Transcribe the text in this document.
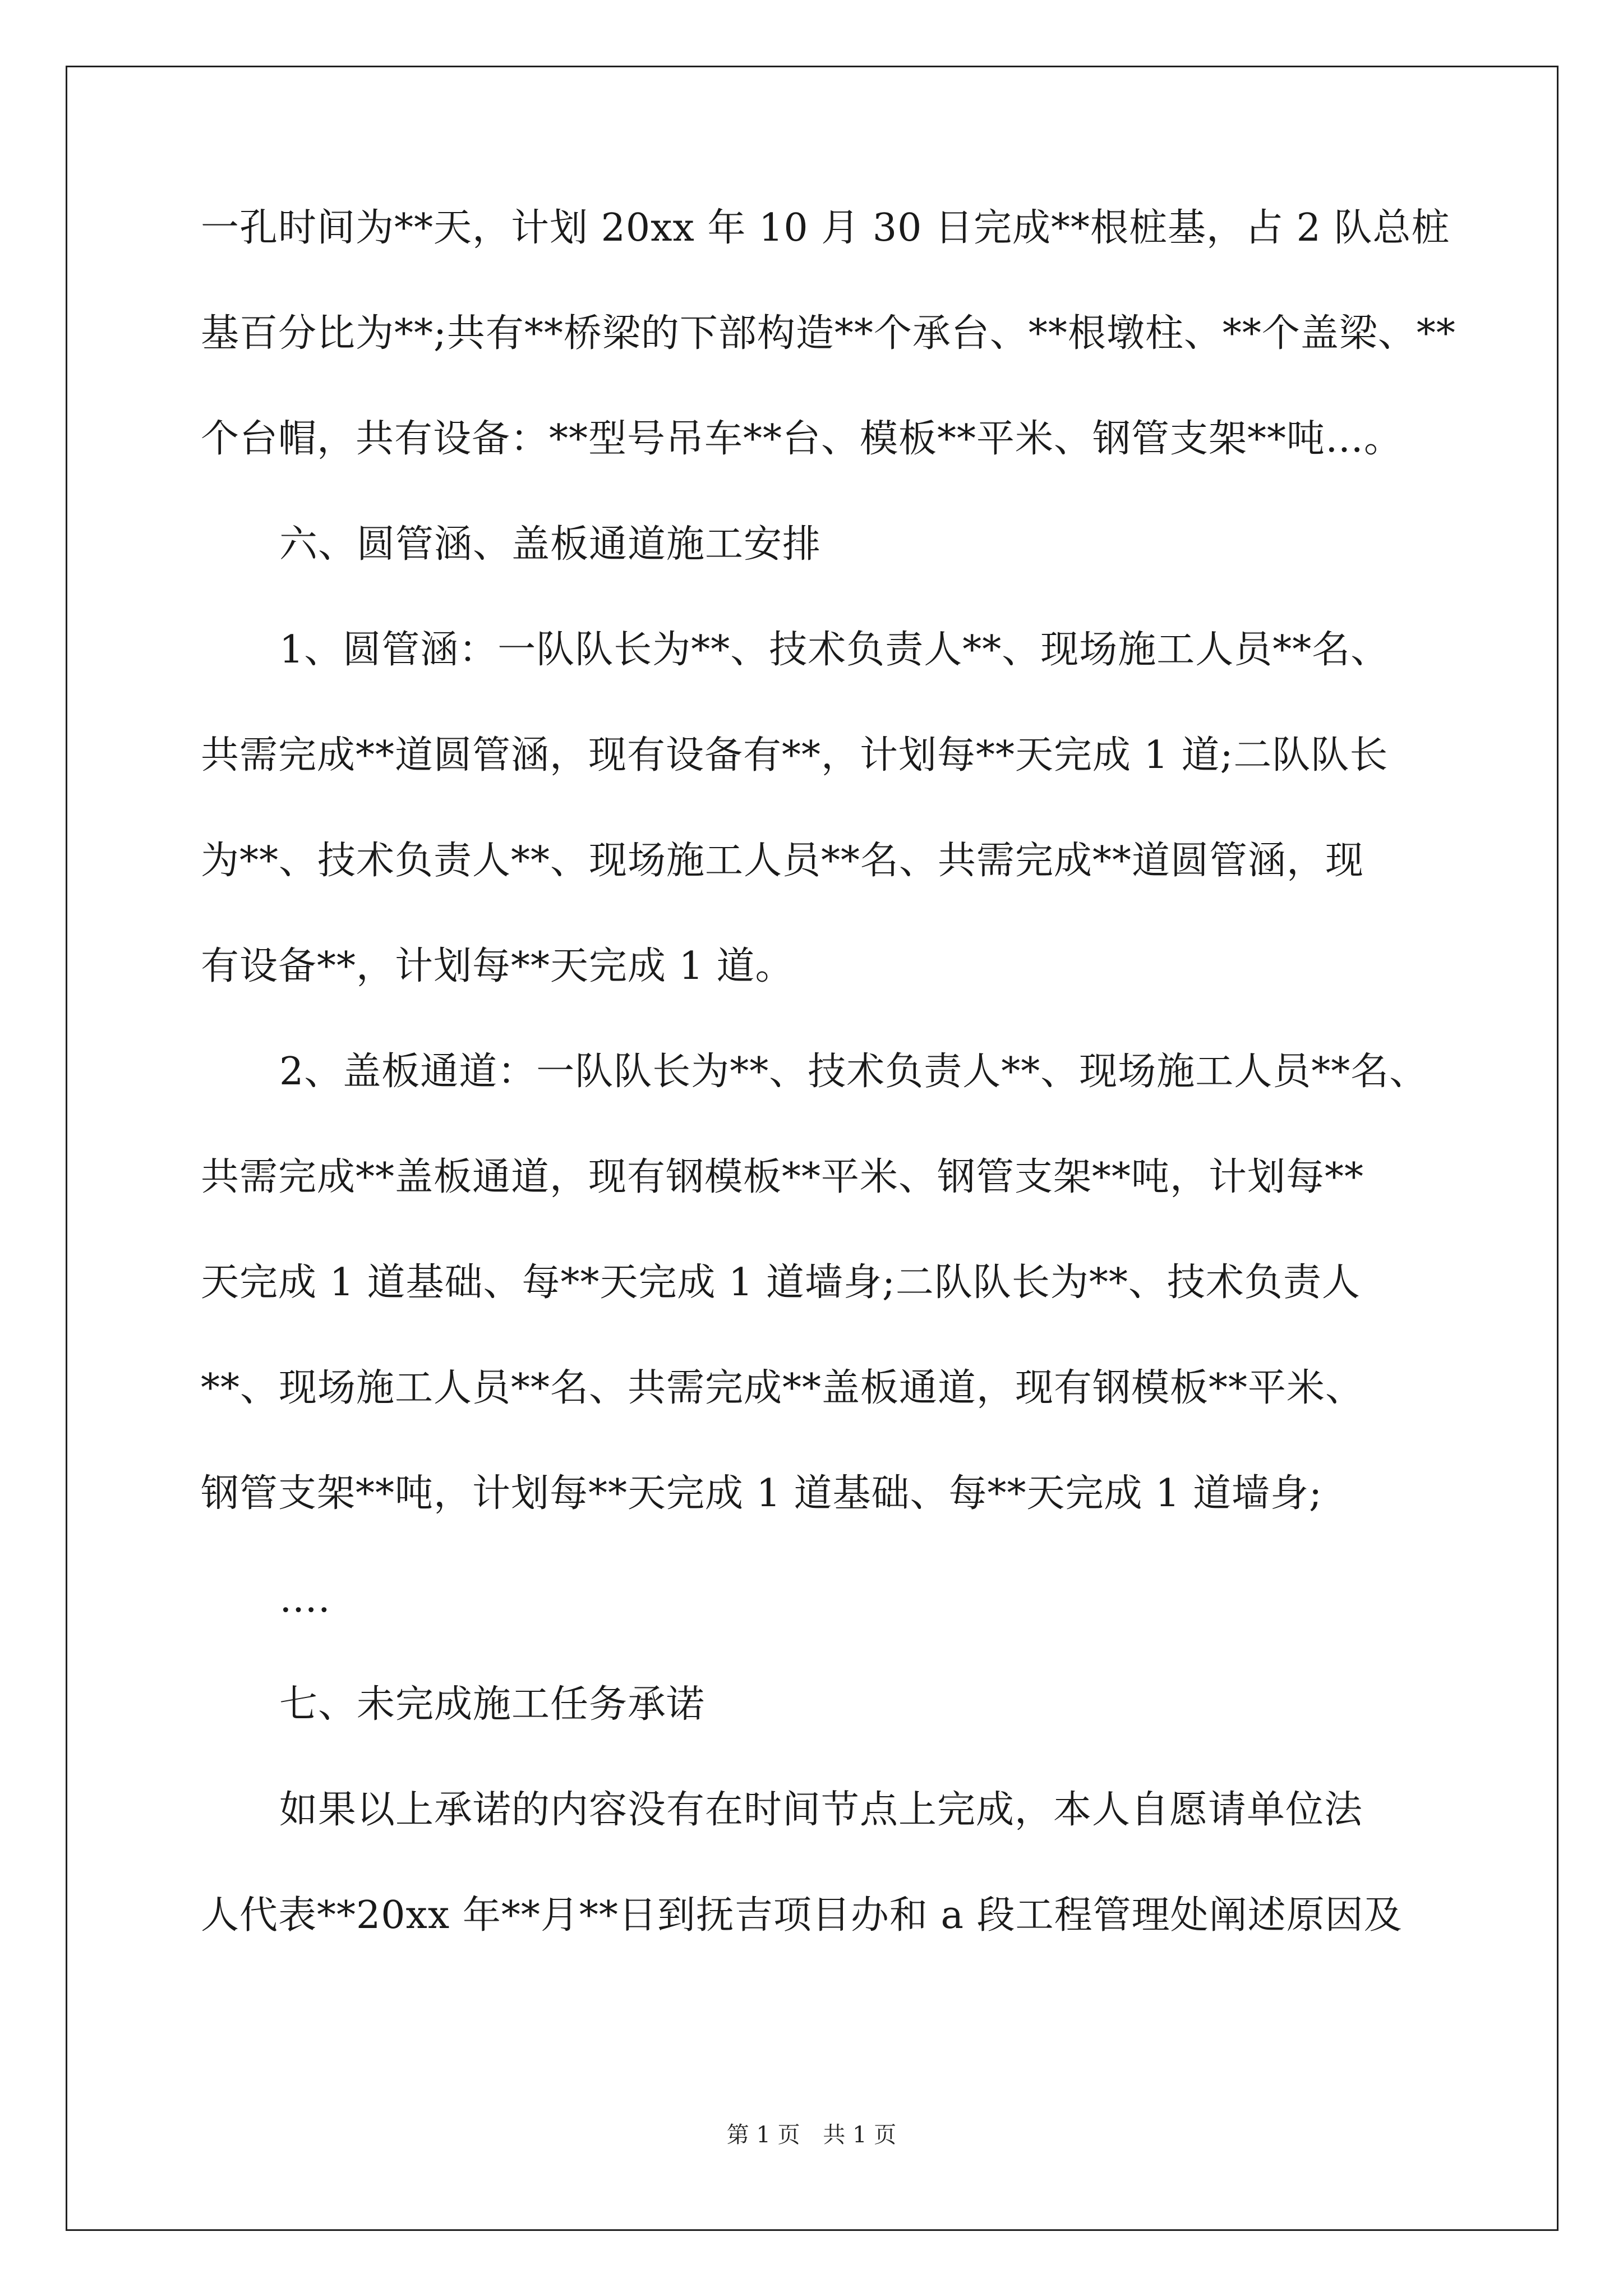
一孔时间为**天，计划 20xx 年 10 月 30 日完成**根桩基，占 2 队总桩

基百分比为**;共有**桥梁的下部构造**个承台、**根墩柱、**个盖梁、**

个台帽，共有设备：**型号吊车**台、模板**平米、钢管支架**吨…。

六、圆管涵、盖板通道施工安排

1、圆管涵：一队队长为**、技术负责人**、现场施工人员**名、

共需完成**道圆管涵，现有设备有**，计划每**天完成 1 道;二队队长

为**、技术负责人**、现场施工人员**名、共需完成**道圆管涵，现

有设备**，计划每**天完成 1 道。

2、盖板通道：一队队长为**、技术负责人**、现场施工人员**名、

共需完成**盖板通道，现有钢模板**平米、钢管支架**吨，计划每**

天完成 1 道基础、每**天完成 1 道墙身;二队队长为**、技术负责人

**、现场施工人员**名、共需完成**盖板通道，现有钢模板**平米、

钢管支架**吨，计划每**天完成 1 道基础、每**天完成 1 道墙身;

….

七、未完成施工任务承诺

如果以上承诺的内容没有在时间节点上完成，本人自愿请单位法

人代表**20xx 年**月**日到抚吉项目办和 a 段工程管理处阐述原因及

第 1 页 共 1 页
